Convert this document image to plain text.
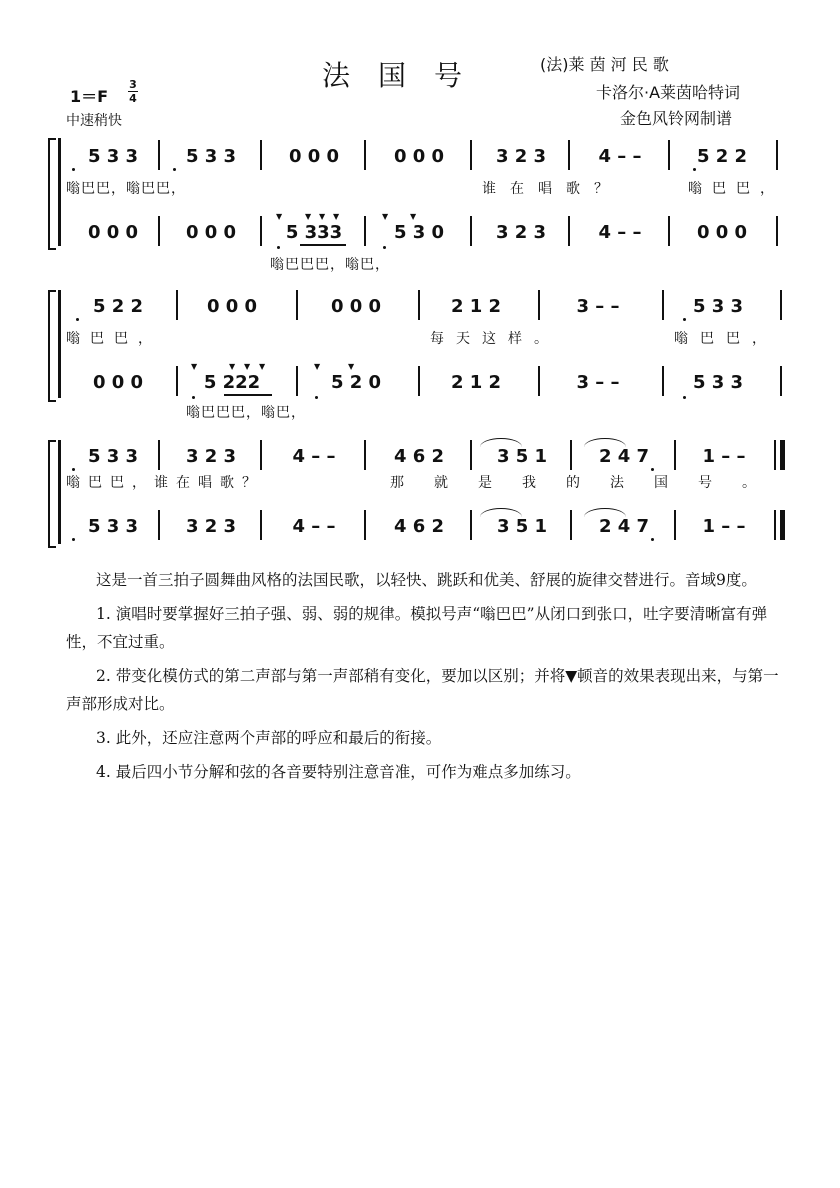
法国号	(法)莱 茵 河 民 歌
卡洛尔·A莱茵哈特词
金色风铃网制谱
1＝F
3
4
中速稍快
5 3 3	5 3 3	0 0 0	0 0 0	3 2 3	4 – –	5 2 2
嗡巴巴，嗡巴巴，	谁在唱歌？	嗡巴巴，
0 0 0	0 0 0	5 333	5 3 0	3 2 3	4 – –	0 0 0
▼	▼ ▼ ▼	▼	▼
嗡巴巴巴，嗡巴，
5 2 2	0 0 0	0 0 0	2 1 2	3 – –	5 3 3
嗡巴巴，	每天这样。	嗡巴巴，
0 0 0	5 222	5 2 0	2 1 2	3 – –	5 3 3
▼	▼ ▼ ▼	▼	▼
嗡巴巴巴，嗡巴，
5 3 3	3 2 3	4 – –	4 6 2	3 5 1	2 4 7	1 – –
嗡巴巴，谁在唱歌？	那就是我的法国号。
5 3 3	3 2 3	4 – –	4 6 2	3 5 1	2 4 7	1 – –

这是一首三拍子圆舞曲风格的法国民歌，以轻快、跳跃和优美、舒展的旋律交替进行。音域9度。

1. 演唱时要掌握好三拍子强、弱、弱的规律。模拟号声“嗡巴巴”从闭口到张口，吐字要清晰富有弹性，不宜过重。

2. 带变化模仿式的第二声部与第一声部稍有变化，要加以区别；并将▼顿音的效果表现出来，与第一声部形成对比。

3. 此外，还应注意两个声部的呼应和最后的衔接。

4. 最后四小节分解和弦的各音要特别注意音准，可作为难点多加练习。
